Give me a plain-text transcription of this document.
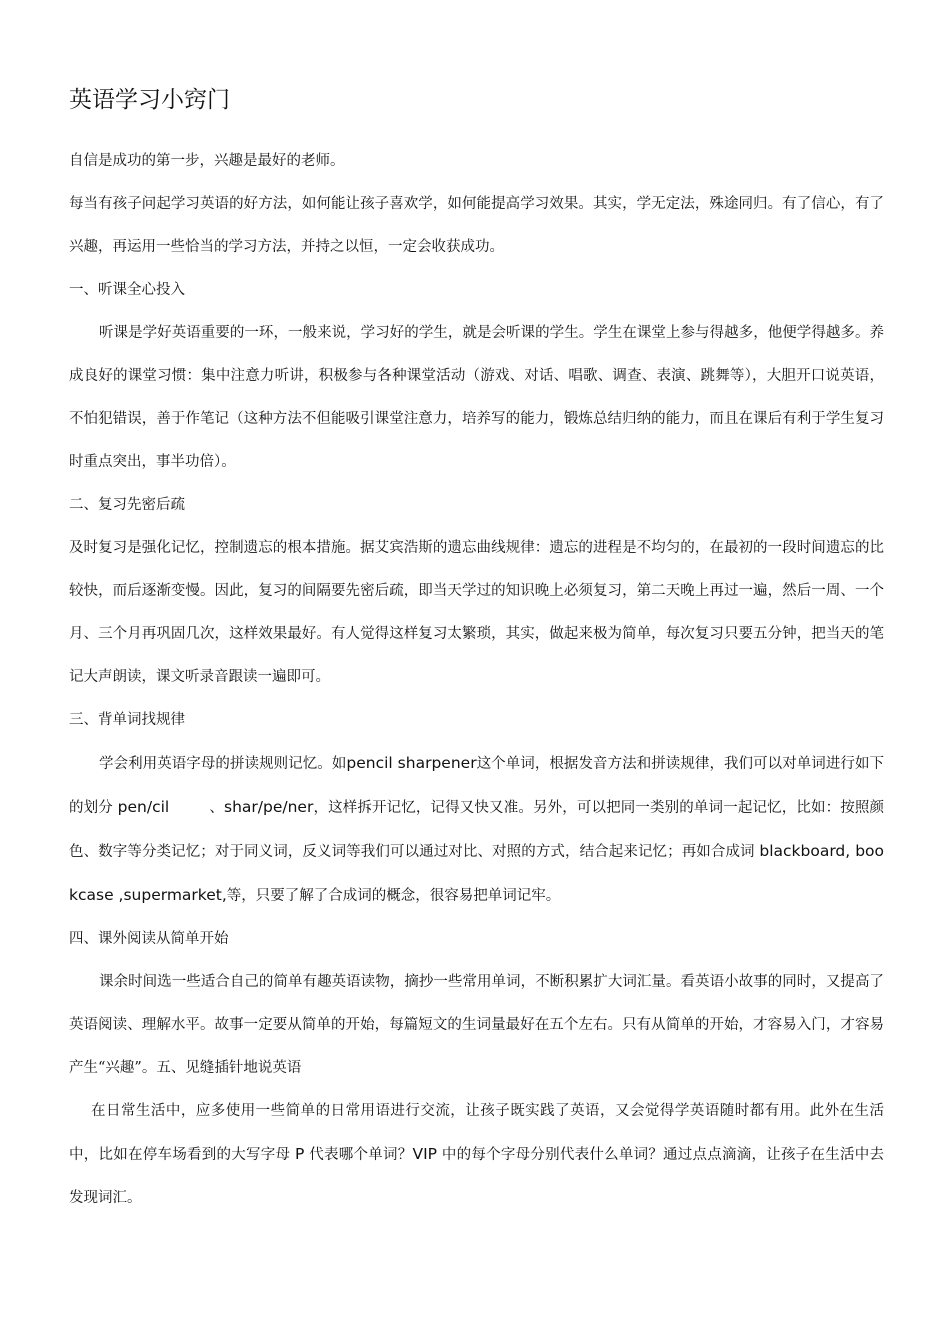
英语学习小窍门

自信是成功的第一步，兴趣是最好的老师。

每当有孩子问起学习英语的好方法，如何能让孩子喜欢学，如何能提高学习效果。其实，学无定法，殊途同归。有了信心，有了兴趣，再运用一些恰当的学习方法，并持之以恒，一定会收获成功。

一、听课全心投入

听课是学好英语重要的一环，一般来说，学习好的学生，就是会听课的学生。学生在课堂上参与得越多，他便学得越多。养成良好的课堂习惯：集中注意力听讲，积极参与各种课堂活动（游戏、对话、唱歌、调查、表演、跳舞等），大胆开口说英语，不怕犯错误，善于作笔记（这种方法不但能吸引课堂注意力，培养写的能力，锻炼总结归纳的能力，而且在课后有利于学生复习时重点突出，事半功倍）。

二、复习先密后疏

及时复习是强化记忆，控制遗忘的根本措施。据艾宾浩斯的遗忘曲线规律：遗忘的进程是不均匀的，在最初的一段时间遗忘的比较快，而后逐渐变慢。因此，复习的间隔要先密后疏，即当天学过的知识晚上必须复习，第二天晚上再过一遍，然后一周、一个月、三个月再巩固几次，这样效果最好。有人觉得这样复习太繁琐，其实，做起来极为简单，每次复习只要五分钟，把当天的笔记大声朗读，课文听录音跟读一遍即可。

三、背单词找规律

学会利用英语字母的拼读规则记忆。如pencil sharpener这个单词，根据发音方法和拼读规律，我们可以对单词进行如下的划分 pen/cil	、shar/pe/ner，这样拆开记忆，记得又快又准。另外，可以把同一类别的单词一起记忆，比如：按照颜色、数字等分类记忆；对于同义词，反义词等我们可以通过对比、对照的方式，结合起来记忆；再如合成词 blackboard, bookcase ,supermarket,等，只要了解了合成词的概念，很容易把单词记牢。

四、课外阅读从简单开始

课余时间选一些适合自己的简单有趣英语读物，摘抄一些常用单词，不断积累扩大词汇量。看英语小故事的同时，又提高了英语阅读、理解水平。故事一定要从简单的开始，每篇短文的生词量最好在五个左右。只有从简单的开始，才容易入门，才容易产生“兴趣”。五、见缝插针地说英语

在日常生活中，应多使用一些简单的日常用语进行交流，让孩子既实践了英语，又会觉得学英语随时都有用。此外在生活中，比如在停车场看到的大写字母 P 代表哪个单词？VIP 中的每个字母分别代表什么单词？通过点点滴滴，让孩子在生活中去发现词汇。
